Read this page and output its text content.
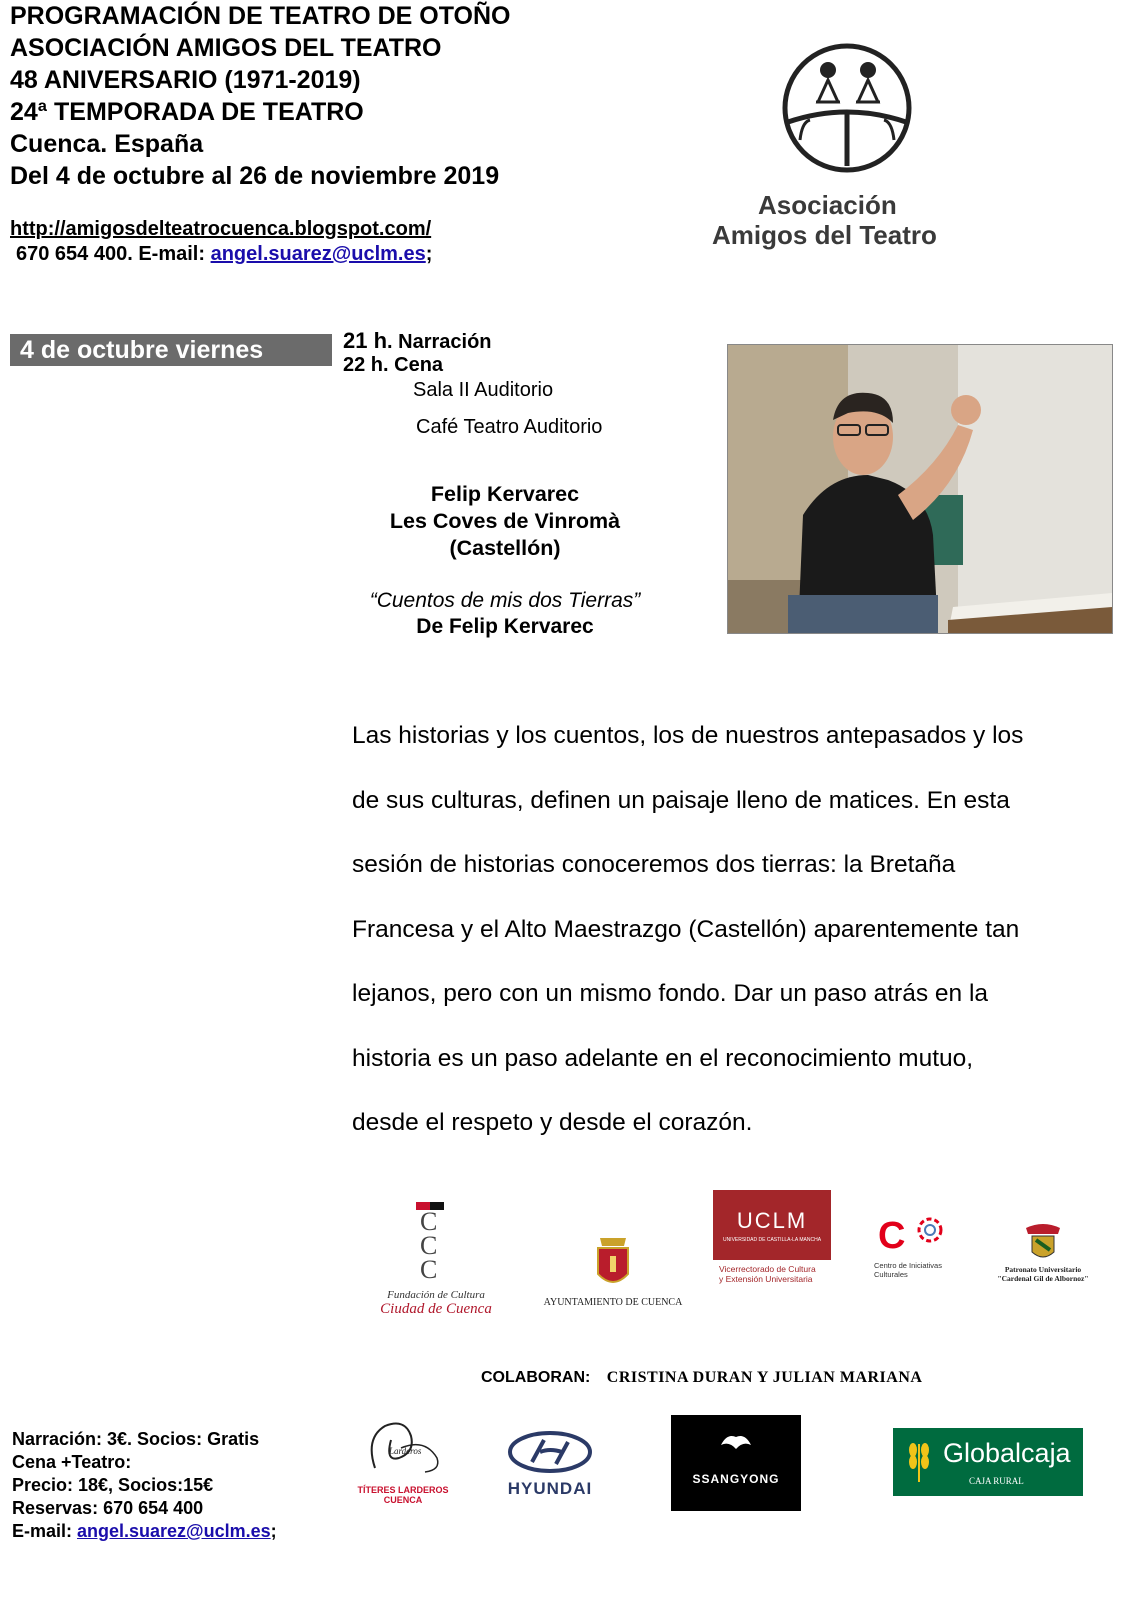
PROGRAMACIÓN DE TEATRO DE OTOÑO
ASOCIACIÓN AMIGOS DEL TEATRO
48 ANIVERSARIO (1971-2019)
24ª TEMPORADA DE TEATRO
Cuenca. España
Del 4 de octubre al 26 de noviembre 2019
http://amigosdelteatrocuenca.blogspot.com/
670 654 400. E-mail: angel.suarez@uclm.es;
Asociación
Amigos del Teatro
4 de octubre viernes	21 h. Narración
22 h. Cena
Sala II Auditorio
Café Teatro Auditorio
Felip Kervarec
Les Coves de Vinromà
(Castellón)
“Cuentos de mis dos Tierras”
De Felip Kervarec
Las historias y los cuentos, los de nuestros antepasados y los
de sus culturas, definen un paisaje lleno de matices. En esta
sesión de historias conoceremos dos tierras: la Bretaña
Francesa y el Alto Maestrazgo (Castellón) aparentemente tan
lejanos, pero con un mismo fondo. Dar un paso atrás en la
historia es un paso adelante en el reconocimiento mutuo,
desde el respeto y desde el corazón.
C
C
C
Fundación de Cultura
Ciudad de Cuenca	AYUNTAMIENTO DE CUENCA
UCLM
UNIVERSIDAD DE CASTILLA-LA MANCHA
Vicerrectorado de Cultura
y Extensión Universitaria
C
Centro de Iniciativas
Culturales
Patronato Universitario
"Cardenal Gil de Albornoz"
COLABORAN: CRISTINA DURAN Y JULIAN MARIANA
Narración: 3€. Socios: Gratis
Cena +Teatro:
Precio: 18€, Socios:15€
Reservas: 670 654 400
E-mail: angel.suarez@uclm.es;
Larderos
TÍTERES LARDEROS
CUENCA
HYUNDAI	SSANGYONG
Globalcaja
CAJA RURAL
